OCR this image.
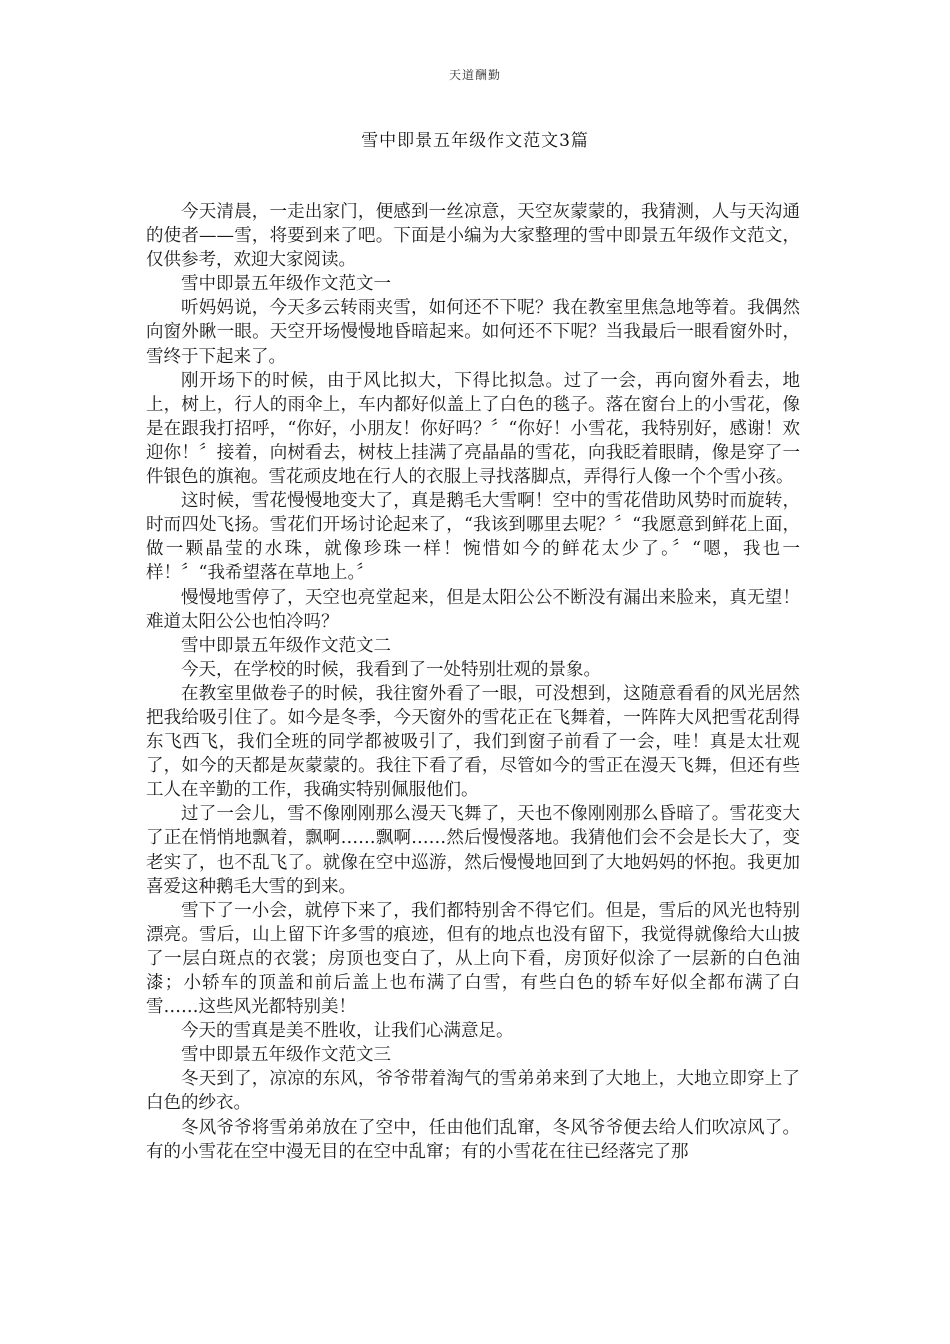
天道酬勤
雪中即景五年级作文范文3篇

今天清晨，一走出家门，便感到一丝凉意，天空灰蒙蒙的，我猜测，人与天沟通的使者——雪，将要到来了吧。下面是小编为大家整理的雪中即景五年级作文范文，仅供参考，欢迎大家阅读。

雪中即景五年级作文范文一

听妈妈说，今天多云转雨夹雪，如何还不下呢？我在教室里焦急地等着。我偶然向窗外瞅一眼。天空开场慢慢地昏暗起来。如何还不下呢？当我最后一眼看窗外时，雪终于下起来了。

刚开场下的时候，由于风比拟大，下得比拟急。过了一会，再向窗外看去，地上，树上，行人的雨伞上，车内都好似盖上了白色的毯子。落在窗台上的小雪花，像是在跟我打招呼，“你好，小朋友！你好吗？〞“你好！小雪花，我特别好，感谢！欢迎你！〞接着，向树看去，树枝上挂满了亮晶晶的雪花，向我眨着眼睛，像是穿了一件银色的旗袍。雪花顽皮地在行人的衣服上寻找落脚点，弄得行人像一个个雪小孩。

这时候，雪花慢慢地变大了，真是鹅毛大雪啊！空中的雪花借助风势时而旋转，时而四处飞扬。雪花们开场讨论起来了，“我该到哪里去呢？〞“我愿意到鲜花上面，做一颗晶莹的水珠，就像珍珠一样！惋惜如今的鲜花太少了。〞“嗯，我也一样！〞“我希望落在草地上。〞

慢慢地雪停了，天空也亮堂起来，但是太阳公公不断没有漏出来脸来，真无望！难道太阳公公也怕冷吗？

雪中即景五年级作文范文二

今天，在学校的时候，我看到了一处特别壮观的景象。

在教室里做卷子的时候，我往窗外看了一眼，可没想到，这随意看看的风光居然把我给吸引住了。如今是冬季，今天窗外的雪花正在飞舞着，一阵阵大风把雪花刮得东飞西飞，我们全班的同学都被吸引了，我们到窗子前看了一会，哇！真是太壮观了，如今的天都是灰蒙蒙的。我往下看了看，尽管如今的雪正在漫天飞舞，但还有些工人在辛勤的工作，我确实特别佩服他们。

过了一会儿，雪不像刚刚那么漫天飞舞了，天也不像刚刚那么昏暗了。雪花变大了正在悄悄地飘着，飘啊……飘啊……然后慢慢落地。我猜他们会不会是长大了，变老实了，也不乱飞了。就像在空中巡游，然后慢慢地回到了大地妈妈的怀抱。我更加喜爱这种鹅毛大雪的到来。

雪下了一小会，就停下来了，我们都特别舍不得它们。但是，雪后的风光也特别漂亮。雪后，山上留下许多雪的痕迹，但有的地点也没有留下，我觉得就像给大山披了一层白斑点的衣裳；房顶也变白了，从上向下看，房顶好似涂了一层新的白色油漆；小轿车的顶盖和前后盖上也布满了白雪，有些白色的轿车好似全都布满了白雪……这些风光都特别美！

今天的雪真是美不胜收，让我们心满意足。

雪中即景五年级作文范文三

冬天到了，凉凉的东风，爷爷带着淘气的雪弟弟来到了大地上，大地立即穿上了白色的纱衣。

冬风爷爷将雪弟弟放在了空中，任由他们乱窜，冬风爷爷便去给人们吹凉风了。有的小雪花在空中漫无目的在空中乱窜；有的小雪花在往已经落完了那
